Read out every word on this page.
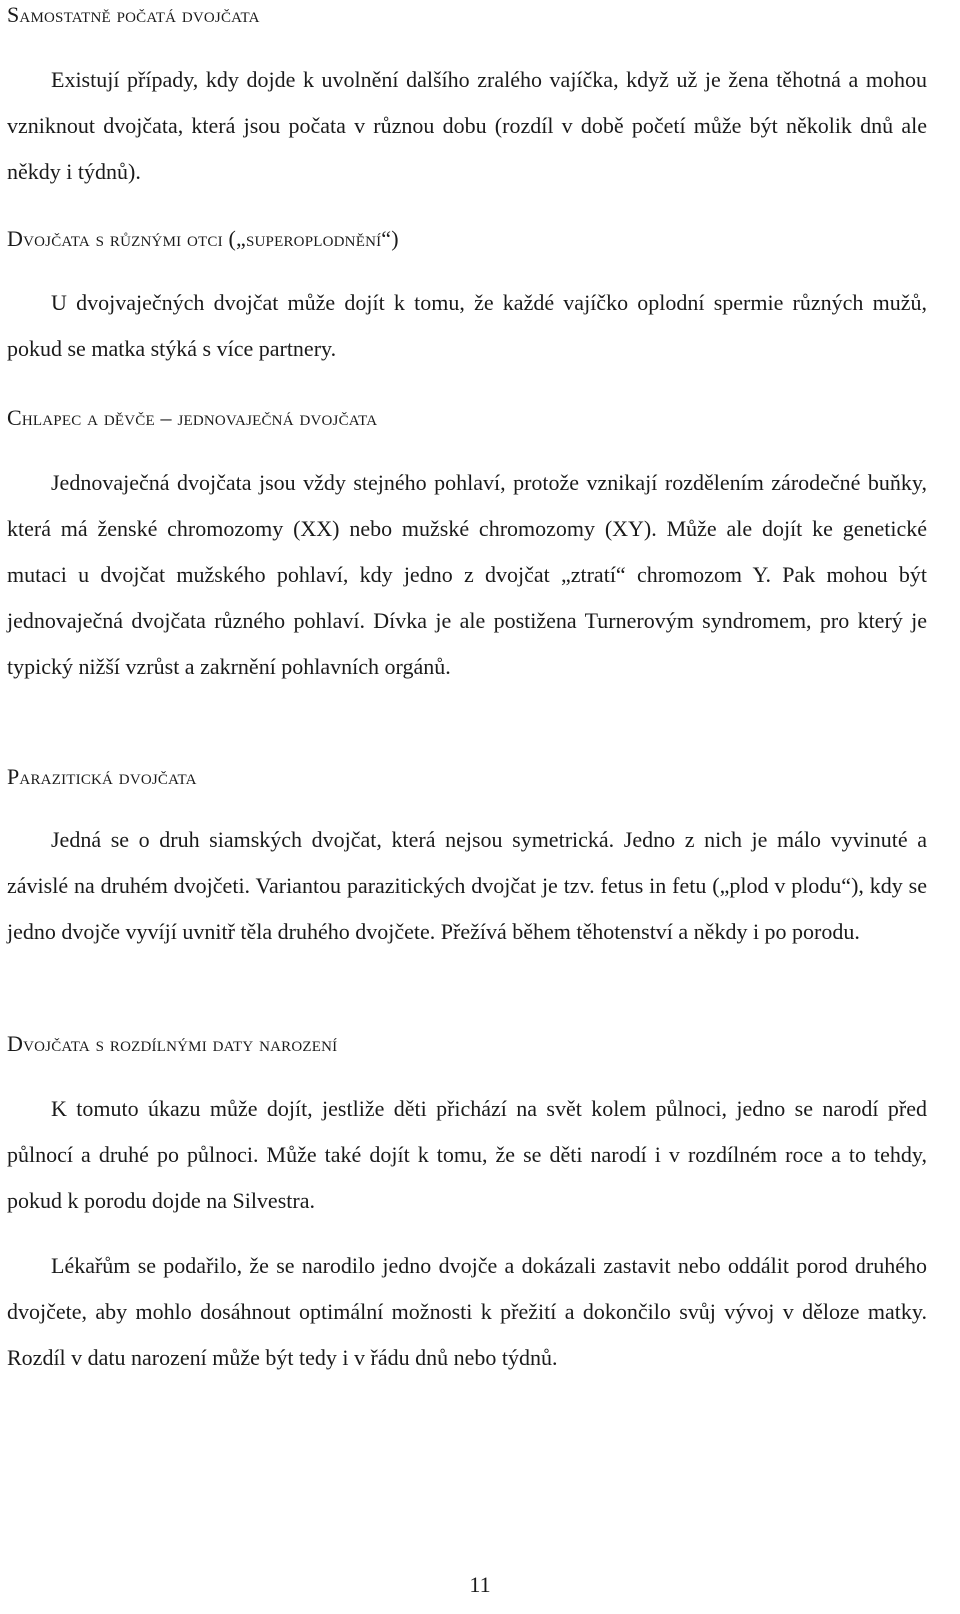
Samostatně počatá dvojčata

Existují případy, kdy dojde k uvolnění dalšího zralého vajíčka, když už je žena těhotná a mohou vzniknout dvojčata, která jsou počata v různou dobu (rozdíl v době početí může být několik dnů ale někdy i týdnů).

Dvojčata s různými otci („superoplodnění“)

U dvojvaječných dvojčat může dojít k tomu, že každé vajíčko oplodní spermie různých mužů, pokud se matka stýká s více partnery.

Chlapec a děvče – jednovaječná dvojčata

Jednovaječná dvojčata jsou vždy stejného pohlaví, protože vznikají rozdělením zárodečné buňky, která má ženské chromozomy (XX) nebo mužské chromozomy (XY). Může ale dojít ke genetické mutaci u dvojčat mužského pohlaví, kdy jedno z dvojčat „ztratí“ chromozom Y. Pak mohou být jednovaječná dvojčata různého pohlaví. Dívka je ale postižena Turnerovým syndromem, pro který je typický nižší vzrůst a zakrnění pohlavních orgánů.

Parazitická dvojčata

Jedná se o druh siamských dvojčat, která nejsou symetrická. Jedno z nich je málo vyvinuté a závislé na druhém dvojčeti. Variantou parazitických dvojčat je tzv. fetus in fetu („plod v plodu“), kdy se jedno dvojče vyvíjí uvnitř těla druhého dvojčete. Přežívá během těhotenství a někdy i po porodu.

Dvojčata s rozdílnými daty narození

K tomuto úkazu může dojít, jestliže děti přichází na svět kolem půlnoci, jedno se narodí před půlnocí a druhé po půlnoci. Může také dojít k tomu, že se děti narodí i v rozdílném roce a to tehdy, pokud k porodu dojde na Silvestra.

Lékařům se podařilo, že se narodilo jedno dvojče a dokázali zastavit nebo oddálit porod druhého dvojčete, aby mohlo dosáhnout optimální možnosti k přežití a dokončilo svůj vývoj v děloze matky. Rozdíl v datu narození může být tedy i v řádu dnů nebo týdnů.

11
